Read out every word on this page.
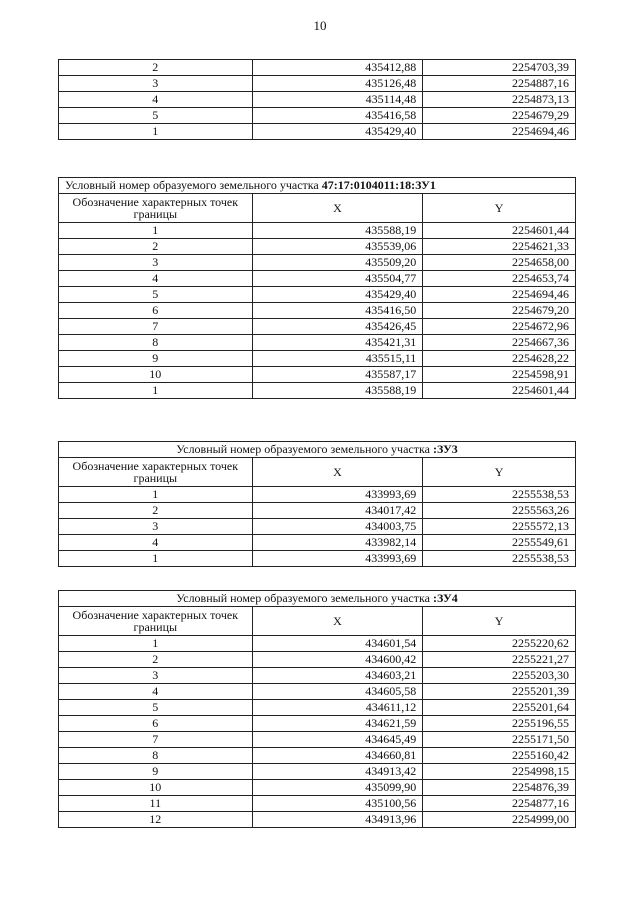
10
2	435412,88	2254703,39
3	435126,48	2254887,16
4	435114,48	2254873,13
5	435416,58	2254679,29
1	435429,40	2254694,46
Условный номер образуемого земельного участка 47:17:0104011:18:ЗУ1		
Обозначение характерных точек границы	X	Y
1	435588,19	2254601,44
2	435539,06	2254621,33
3	435509,20	2254658,00
4	435504,77	2254653,74
5	435429,40	2254694,46
6	435416,50	2254679,20
7	435426,45	2254672,96
8	435421,31	2254667,36
9	435515,11	2254628,22
10	435587,17	2254598,91
1	435588,19	2254601,44
Условный номер образуемого земельного участка :ЗУ3		
Обозначение характерных точек границы	X	Y
1	433993,69	2255538,53
2	434017,42	2255563,26
3	434003,75	2255572,13
4	433982,14	2255549,61
1	433993,69	2255538,53
Условный номер образуемого земельного участка :ЗУ4		
Обозначение характерных точек границы	X	Y
1	434601,54	2255220,62
2	434600,42	2255221,27
3	434603,21	2255203,30
4	434605,58	2255201,39
5	434611,12	2255201,64
6	434621,59	2255196,55
7	434645,49	2255171,50
8	434660,81	2255160,42
9	434913,42	2254998,15
10	435099,90	2254876,39
11	435100,56	2254877,16
12	434913,96	2254999,00
